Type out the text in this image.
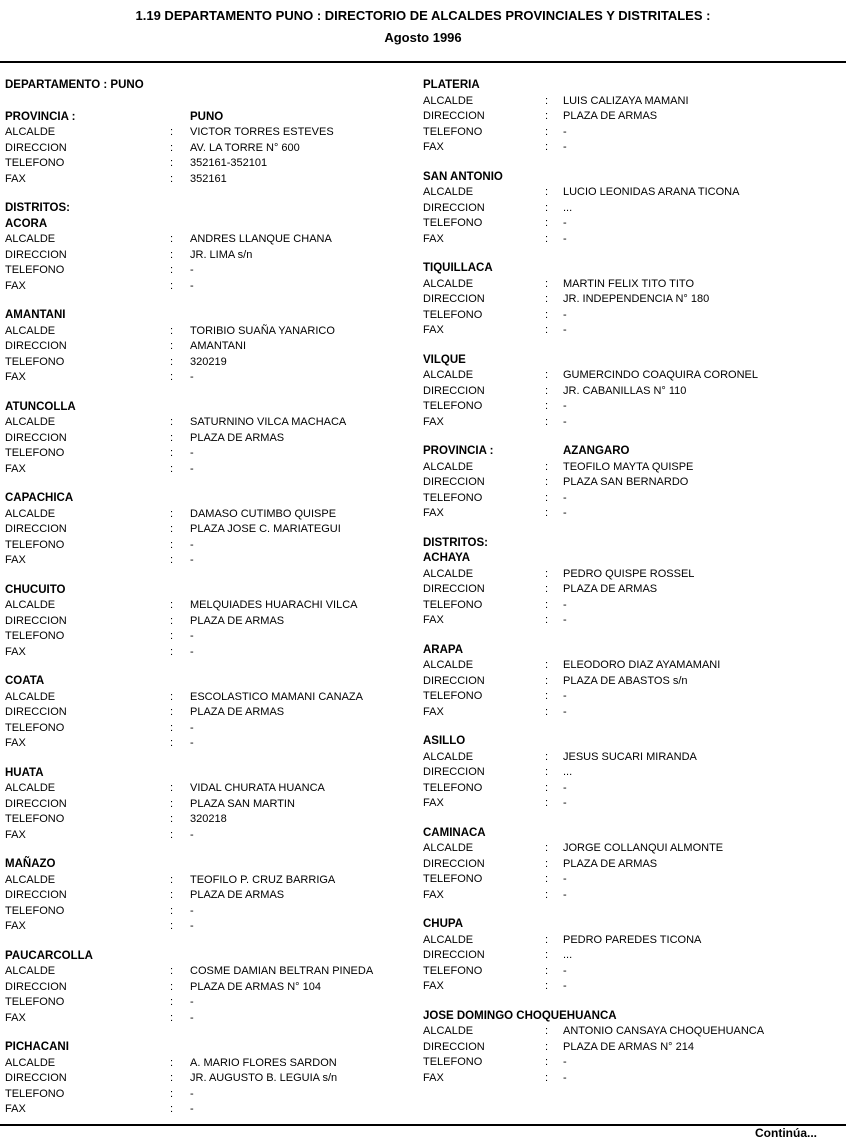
1.19 DEPARTAMENTO PUNO : DIRECTORIO DE ALCALDES PROVINCIALES Y DISTRITALES :
Agosto 1996
DEPARTAMENTO : PUNO
PROVINCIA :	PUNO
ALCALDE	:	VICTOR TORRES ESTEVES
DIRECCION	:	AV. LA TORRE N° 600
TELEFONO	:	352161-352101
FAX	:	352161
DISTRITOS:
ACORA
ALCALDE	:	ANDRES LLANQUE CHANA
DIRECCION	:	JR. LIMA s/n
TELEFONO	:	-
FAX	:	-
AMANTANI
ALCALDE	:	TORIBIO SUAÑA YANARICO
DIRECCION	:	AMANTANI
TELEFONO	:	320219
FAX	:	-
ATUNCOLLA
ALCALDE	:	SATURNINO VILCA MACHACA
DIRECCION	:	PLAZA DE ARMAS
TELEFONO	:	-
FAX	:	-
CAPACHICA
ALCALDE	:	DAMASO CUTIMBO QUISPE
DIRECCION	:	PLAZA JOSE C. MARIATEGUI
TELEFONO	:	-
FAX	:	-
CHUCUITO
ALCALDE	:	MELQUIADES HUARACHI VILCA
DIRECCION	:	PLAZA DE ARMAS
TELEFONO	:	-
FAX	:	-
COATA
ALCALDE	:	ESCOLASTICO MAMANI CANAZA
DIRECCION	:	PLAZA DE ARMAS
TELEFONO	:	-
FAX	:	-
HUATA
ALCALDE	:	VIDAL CHURATA HUANCA
DIRECCION	:	PLAZA SAN MARTIN
TELEFONO	:	320218
FAX	:	-
MAÑAZO
ALCALDE	:	TEOFILO P. CRUZ BARRIGA
DIRECCION	:	PLAZA DE ARMAS
TELEFONO	:	-
FAX	:	-
PAUCARCOLLA
ALCALDE	:	COSME DAMIAN BELTRAN PINEDA
DIRECCION	:	PLAZA DE ARMAS N° 104
TELEFONO	:	-
FAX	:	-
PICHACANI
ALCALDE	:	A. MARIO FLORES SARDON
DIRECCION	:	JR. AUGUSTO B. LEGUIA s/n
TELEFONO	:	-
FAX	:	-
PLATERIA
ALCALDE	:	LUIS CALIZAYA MAMANI
DIRECCION	:	PLAZA DE ARMAS
TELEFONO	:	-
FAX	:	-
SAN ANTONIO
ALCALDE	:	LUCIO LEONIDAS ARANA TICONA
DIRECCION	:	...
TELEFONO	:	-
FAX	:	-
TIQUILLACA
ALCALDE	:	MARTIN FELIX TITO TITO
DIRECCION	:	JR. INDEPENDENCIA N° 180
TELEFONO	:	-
FAX	:	-
VILQUE
ALCALDE	:	GUMERCINDO COAQUIRA CORONEL
DIRECCION	:	JR. CABANILLAS N° 110
TELEFONO	:	-
FAX	:	-
PROVINCIA :	AZANGARO
ALCALDE	:	TEOFILO MAYTA QUISPE
DIRECCION	:	PLAZA SAN BERNARDO
TELEFONO	:	-
FAX	:	-
DISTRITOS:
ACHAYA
ALCALDE	:	PEDRO QUISPE ROSSEL
DIRECCION	:	PLAZA DE ARMAS
TELEFONO	:	-
FAX	:	-
ARAPA
ALCALDE	:	ELEODORO DIAZ AYAMAMANI
DIRECCION	:	PLAZA DE ABASTOS s/n
TELEFONO	:	-
FAX	:	-
ASILLO
ALCALDE	:	JESUS SUCARI MIRANDA
DIRECCION	:	...
TELEFONO	:	-
FAX	:	-
CAMINACA
ALCALDE	:	JORGE COLLANQUI ALMONTE
DIRECCION	:	PLAZA DE ARMAS
TELEFONO	:	-
FAX	:	-
CHUPA
ALCALDE	:	PEDRO PAREDES TICONA
DIRECCION	:	...
TELEFONO	:	-
FAX	:	-
JOSE DOMINGO CHOQUEHUANCA
ALCALDE	:	ANTONIO CANSAYA CHOQUEHUANCA
DIRECCION	:	PLAZA DE ARMAS N° 214
TELEFONO	:	-
FAX	:	-
Continúa...
